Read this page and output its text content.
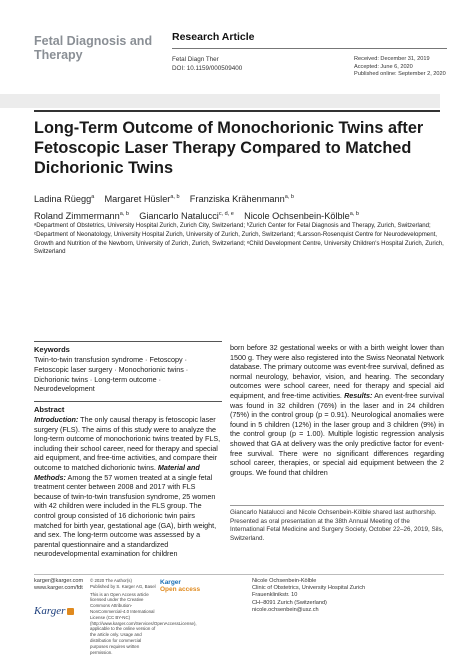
Fetal Diagnosis and Therapy
Research Article
Fetal Diagn Ther
DOI: 10.1159/000509400
Received: December 31, 2019
Accepted: June 6, 2020
Published online: September 2, 2020
Long-Term Outcome of Monochorionic Twins after Fetoscopic Laser Therapy Compared to Matched Dichorionic Twins
Ladina Rüegg$^a$ Margaret Hüsler$^{a, b}$ Franziska Krähenmann$^{a, b}$
Roland Zimmermann$^{a, b}$ Giancarlo Natalucci$^{c, d, e}$ Nicole Ochsenbein-Kölble$^{a, b}$
ᵃDepartment of Obstetrics, University Hospital Zurich, Zurich City, Switzerland; ᵇZurich Center for Fetal Diagnosis and Therapy, Zurich, Switzerland; ᶜDepartment of Neonatology, University Hospital Zurich, University of Zurich, Zurich, Switzerland; ᵈLarsson-Rosenquist Centre for Neurodevelopment, Growth and Nutrition of the Newborn, University of Zurich, Zurich, Switzerland; ᵉChild Development Centre, University Children's Hospital Zurich, Zurich, Switzerland
Keywords
Twin-to-twin transfusion syndrome · Fetoscopy · Fetoscopic laser surgery · Monochorionic twins · Dichorionic twins · Long-term outcome · Neurodevelopment
Abstract
Introduction: The only causal therapy is fetoscopic laser surgery (FLS). The aims of this study were to analyze the long-term outcome of monochorionic twins treated by FLS, including their school career, need for therapy and special aid equipment, and free-time activities, and compare their outcome to matched dichorionic twins. Material and Methods: Among the 57 women treated at a single fetal treatment center between 2008 and 2017 with FLS because of twin-to-twin transfusion syndrome, 25 women with 42 children were included in the FLS group. The control group consisted of 16 dichorionic twin pairs matched for birth year, gestational age (GA), birth weight, and sex. The long-term outcome was assessed by a parental questionnaire and a standardized neurodevelopmental examination for children
born before 32 gestational weeks or with a birth weight lower than 1500 g. They were also registered into the Swiss Neonatal Network database. The primary outcome was event-free survival, defined as normal neurology, behavior, vision, and hearing. The secondary outcomes were school career, need for therapy and special aid equipment, and free-time activities. Results: An event-free survival was found in 32 children (76%) in the laser and in 24 children (75%) in the control group (p = 0.91). Neurological anomalies were found in 5 children (12%) in the laser group and 3 children (9%) in the control group (p = 1.00). Multiple logistic regression analysis showed that GA at delivery was the only predictive factor for event-free survival. There were no significant differences regarding school career, therapies, or special aid equipment between the 2 groups. We found that children
Giancarlo Natalucci and Nicole Ochsenbein-Kölble shared last authorship.
Presented as oral presentation at the 38th Annual Meeting of the International Fetal Medicine and Surgery Society, October 22–26, 2019, Sils, Switzerland.
karger@karger.com
www.karger.com/fdt
© 2020 The Author(s)
Published by S. Karger AG, Basel
This is an Open Access article licensed under the Creative Commons Attribution-NonCommercial-4.0 International License (CC BY-NC) (http://www.karger.com/Services/OpenAccessLicense), applicable to the online version of the article only. Usage and distribution for commercial purposes requires written permission.
Karger
Open access
Karger
Nicole Ochsenbein-Kölble
Clinic of Obstetrics, University Hospital Zurich
Frauenklinikstr. 10
CH–8091 Zurich (Switzerland)
nicole.ochsenbein@usz.ch
